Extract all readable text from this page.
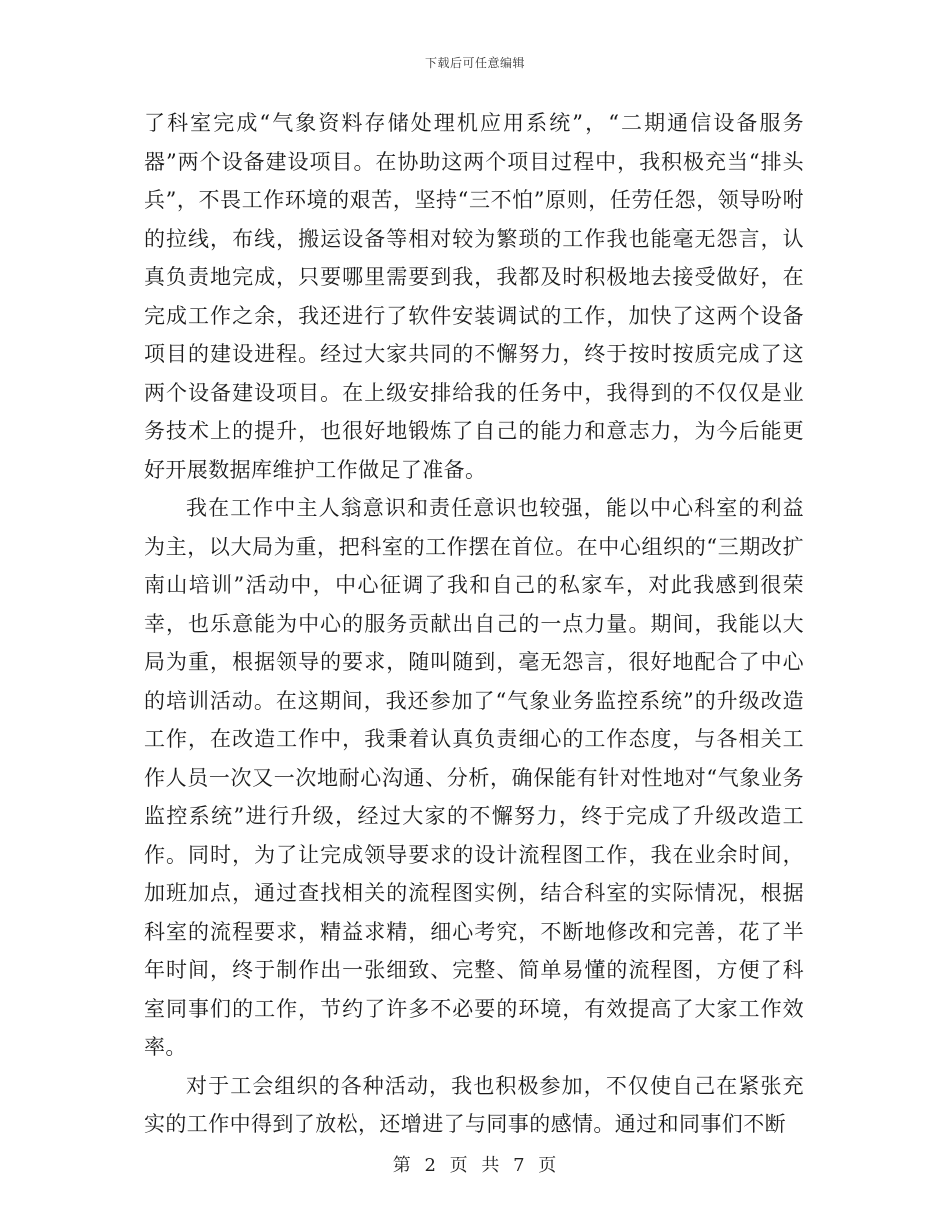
下载后可任意编辑

了科室完成“气象资料存储处理机应用系统”，“二期通信设备服务器”两个设备建设项目。在协助这两个项目过程中，我积极充当“排头兵”，不畏工作环境的艰苦，坚持“三不怕”原则，任劳任怨，领导吩咐的拉线，布线，搬运设备等相对较为繁琐的工作我也能毫无怨言，认真负责地完成，只要哪里需要到我，我都及时积极地去接受做好，在完成工作之余，我还进行了软件安装调试的工作，加快了这两个设备项目的建设进程。经过大家共同的不懈努力，终于按时按质完成了这两个设备建设项目。在上级安排给我的任务中，我得到的不仅仅是业务技术上的提升，也很好地锻炼了自己的能力和意志力，为今后能更好开展数据库维护工作做足了准备。

我在工作中主人翁意识和责任意识也较强，能以中心科室的利益为主，以大局为重，把科室的工作摆在首位。在中心组织的“三期改扩南山培训”活动中，中心征调了我和自己的私家车，对此我感到很荣幸，也乐意能为中心的服务贡献出自己的一点力量。期间，我能以大局为重，根据领导的要求，随叫随到，毫无怨言，很好地配合了中心的培训活动。在这期间，我还参加了“气象业务监控系统”的升级改造工作，在改造工作中，我秉着认真负责细心的工作态度，与各相关工作人员一次又一次地耐心沟通、分析，确保能有针对性地对“气象业务监控系统”进行升级，经过大家的不懈努力，终于完成了升级改造工作。同时，为了让完成领导要求的设计流程图工作，我在业余时间，加班加点，通过查找相关的流程图实例，结合科室的实际情况，根据科室的流程要求，精益求精，细心考究，不断地修改和完善，花了半年时间，终于制作出一张细致、完整、简单易懂的流程图，方便了科室同事们的工作，节约了许多不必要的环境，有效提高了大家工作效率。

对于工会组织的各种活动，我也积极参加，不仅使自己在紧张充实的工作中得到了放松，还增进了与同事的感情。通过和同事们不断

第 2 页 共 7 页
